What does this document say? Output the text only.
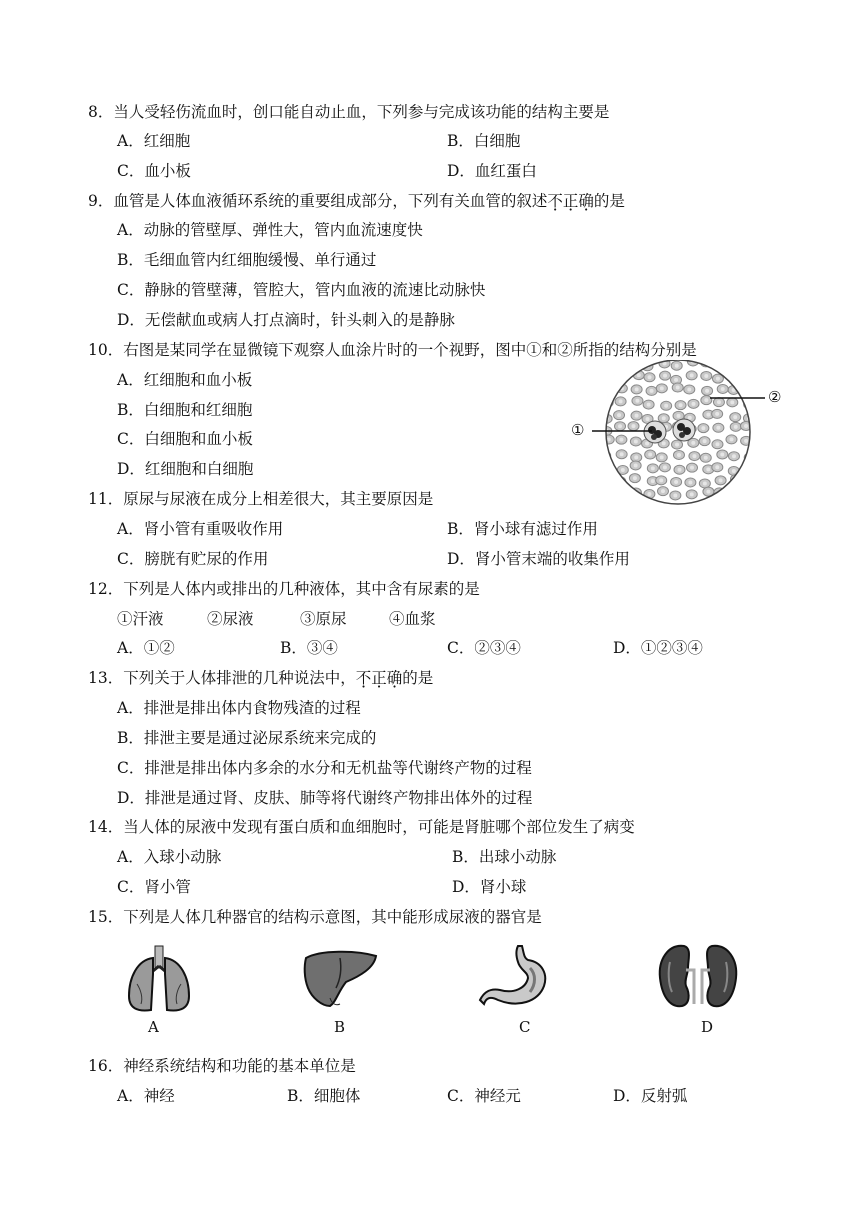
8．当人受轻伤流血时，创口能自动止血，下列参与完成该功能的结构主要是
A．红细胞	B．白细胞
C．血小板	D．血红蛋白
9．血管是人体血液循环系统的重要组成部分，下列有关血管的叙述不正确的是
A．动脉的管壁厚、弹性大，管内血流速度快
B．毛细血管内红细胞缓慢、单行通过
C．静脉的管壁薄，管腔大，管内血液的流速比动脉快
D．无偿献血或病人打点滴时，针头刺入的是静脉
10．右图是某同学在显微镜下观察人血涂片时的一个视野，图中①和②所指的结构分别是
A．红细胞和血小板
B．白细胞和红细胞
C．白细胞和血小板
D．红细胞和白细胞
①
②
11．原尿与尿液在成分上相差很大，其主要原因是
A．肾小管有重吸收作用	B．肾小球有滤过作用
C．膀胱有贮尿的作用	D．肾小管末端的收集作用
12．下列是人体内或排出的几种液体，其中含有尿素的是
①汗液	②尿液	③原尿	④血浆
A．①②	B．③④	C．②③④	D．①②③④
13．下列关于人体排泄的几种说法中，不正确的是
A．排泄是排出体内食物残渣的过程
B．排泄主要是通过泌尿系统来完成的
C．排泄是排出体内多余的水分和无机盐等代谢终产物的过程
D．排泄是通过肾、皮肤、肺等将代谢终产物排出体外的过程
14．当人体的尿液中发现有蛋白质和血细胞时，可能是肾脏哪个部位发生了病变
A．入球小动脉	B．出球小动脉
C．肾小管	D．肾小球
15．下列是人体几种器官的结构示意图，其中能形成尿液的器官是
A	B	C	D
16．神经系统结构和功能的基本单位是
A．神经	B．细胞体	C．神经元	D．反射弧
